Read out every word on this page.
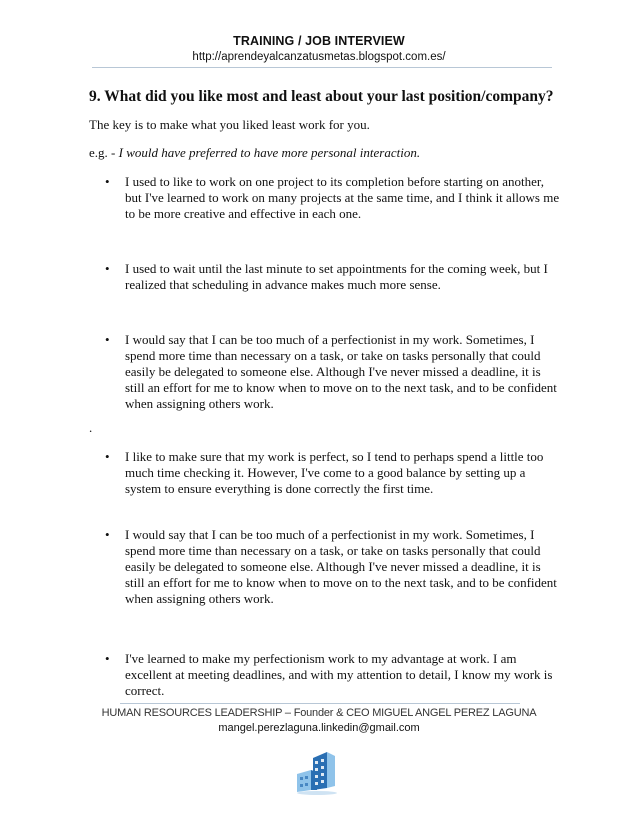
TRAINING / JOB INTERVIEW
http://aprendeyalcanzatusmetas.blogspot.com.es/
9. What did you like most and least about your last position/company?
The key is to make what you liked least work for you.
e.g. - I would have preferred to have more personal interaction.
•	I used to like to work on one project to its completion before starting on another, but I've learned to work on many projects at the same time, and I think it allows me to be more creative and effective in each one.
•	I used to wait until the last minute to set appointments for the coming week, but I realized that scheduling in advance makes much more sense.
•	I would say that I can be too much of a perfectionist in my work. Sometimes, I spend more time than necessary on a task, or take on tasks personally that could easily be delegated to someone else. Although I've never missed a deadline, it is still an effort for me to know when to move on to the next task, and to be confident when assigning others work.
.
•	I like to make sure that my work is perfect, so I tend to perhaps spend a little too much time checking it. However, I've come to a good balance by setting up a system to ensure everything is done correctly the first time.
•	I would say that I can be too much of a perfectionist in my work. Sometimes, I spend more time than necessary on a task, or take on tasks personally that could easily be delegated to someone else. Although I've never missed a deadline, it is still an effort for me to know when to move on to the next task, and to be confident when assigning others work.
•	I've learned to make my perfectionism work to my advantage at work. I am excellent at meeting deadlines, and with my attention to detail, I know my work is correct.
HUMAN RESOURCES LEADERSHIP – Founder & CEO MIGUEL ANGEL PEREZ LAGUNA
mangel.perezlaguna.linkedin@gmail.com
